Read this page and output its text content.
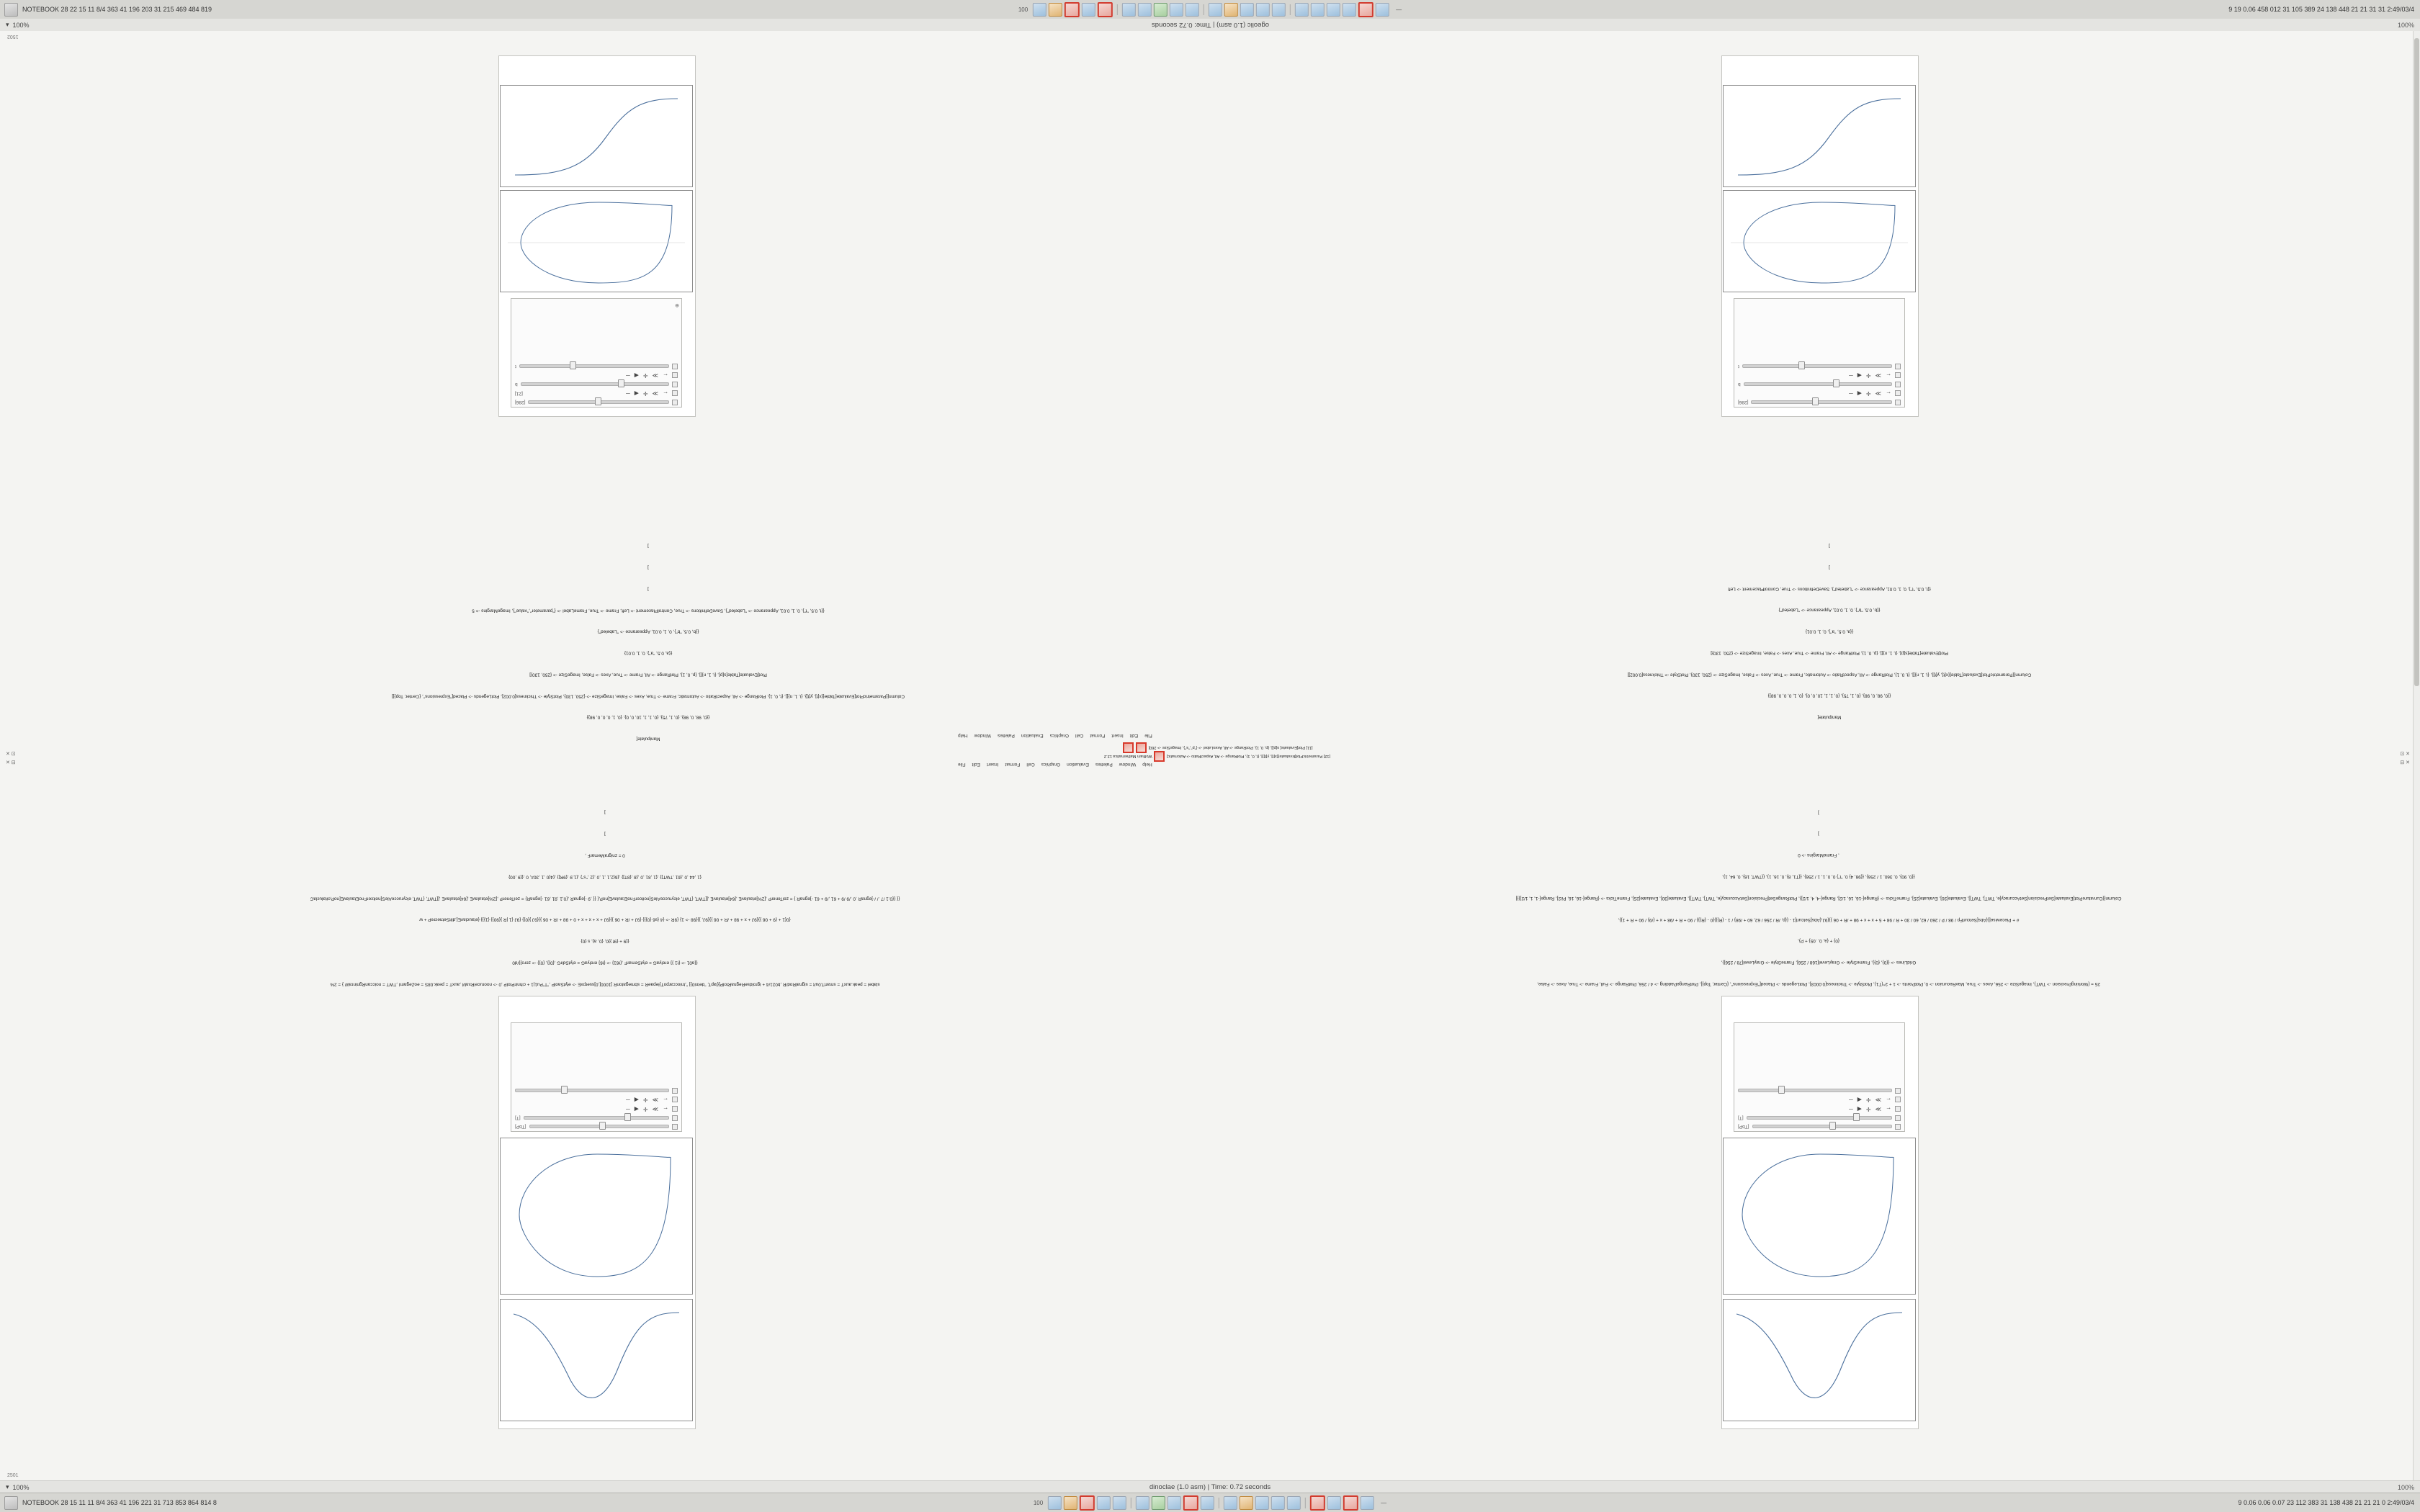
NOTEBOOK 28 22 15 11 8/4 363 41 196 203 31 215 469 484 819	100	—	9 19 0.06 458 012 31 105 389 24 138 448 21 21 31 31 2:49/03/4
▾ 100%	ogeolic (1.0 asm) | Time: 0.72 seconds	100%
[286]
←
≫
✛
◀
─
[21]
b
←
≫
✛
◀
─
t
⊕

Manipulate[

{{0, 98, 0, 98}, {0, 1, 75}, {0, 1, 1, 10, 0, 0}, {0, 1, 0, 0, 0, 98}}

Column[{ParametricPlot[Evaluate[Table[{x[t], y[t]}, {i, 1, n}]], {t, 0, 1}, PlotRange -> All, AspectRatio -> Automatic, Frame -> True, Axes -> False, ImageSize -> {250, 130}, PlotStyle -> Thickness[0.002], PlotLegends -> Placed["Expressions", {Center, Top}]]

Plot[Evaluate[Table[s[p], {i, 1, n}]], {p, 0, 1}, PlotRange -> All, Frame -> True, Axes -> False, ImageSize -> {250, 130}]

{{a, 0.5, "a"}, 0, 1, 0.01}

{{b, 0.5, "b"}, 0, 1, 0.01, Appearance -> "Labeled"}

{{t, 0.5, "t"}, 0, 1, 0.01, Appearance -> "Labeled"}, SaveDefinitions -> True, ControlPlacement -> Left, Frame -> True, FrameLabel -> {"parameter","value"}, ImageMargins -> 5

]

]

]

[286]
←
≫
✛
◀
─
b
←
≫
✛
◀
─
t

Manipulate[

{{0, 98, 0, 98}, {0, 1, 75}, {0, 1, 1, 10, 0, 0}, {0, 1, 0, 0, 0, 98}}

Column[{ParametricPlot[Evaluate[Table[{x[t], y[t]}, {i, 1, n}]], {t, 0, 1}, PlotRange -> All, AspectRatio -> Automatic, Frame -> True, Axes -> False, ImageSize -> {250, 130}, PlotStyle -> Thickness[0.002]]

Plot[Evaluate[Table[s[p], {i, 1, n}]], {p, 0, 1}, PlotRange -> All, Frame -> True, Axes -> False, ImageSize -> {250, 130}]

{{a, 0.5, "a"}, 0, 1, 0.01}

{{b, 0.5, "b"}, 0, 1, 0.01, Appearance -> "Labeled"}

{{t, 0.5, "t"}, 0, 1, 0.01, Appearance -> "Labeled"}, SaveDefinitions -> True, ControlPlacement -> Left

]

]

File
Edit
Insert
Format
Cell
Graphics
Evaluation
Palettes
Window
Help
[11] Plot[Evaluate[ s[p]], {p, 0, 1}, PlotRange -> All, AxesLabel -> {"p","s"}, ImageSize -> 260]
[12] ParametricPlot[Evaluate[{x[t], y[t]}], {t, 0, 1}, PlotRange -> All, AspectRatio -> Automatic]  Wolfram Mathematica 12.2
Help
Window
Palettes
Evaluation
Graphics
Cell
Format
Insert
Edit
File
✕ ⊡
✕ ⊟
⊡ ✕
⊟ ✕

slabel = peak.auxT = smartT.0u/t = signalRod/R ,b021/4 + igroldseRegnaRtolP[{lapT, "detni0}] ",tnioccarpoT}lepaeR = sbmegatonR ]1000[,0]sserpxE -> elytSaolP ,"T"Pu1|1 + cihnirPtolP ,0 -> noorucelRxaM ,auxT = peak.08S = eoZegamI ,TWT = noiccanRgninraW } = 2%

{{a01 -> {t1 }} erelyaG = elytSemarF ,{t61} -> {t6} erelyaG = elytSdirG ,{0}}, {0}} -> zero}}/d0

{{9 + {9f }}0, {0, a}, s {0}

{0{1 + (9 + 06 }}{9J + x + 98 + /R + 06 }}{9J, }}{98 -> 1} {9R -> {4 {s6 {0}}} {9J + /R + 06 }}{9J + x + x + x + 0 + 98 + /R + 06 }}{9J }{0}} {9J {1 |R }{90}} {1}}} {etauclavE[,dlitSetnecreP + w

{{ {{0.1 /7 ./ /-]egnaR ,0 ,/9 /9 + 61 ,/9 + 61 -]egnaR } = zeiTenerP ,[2%]etaulavE ,[64]etaulavE ,[[TWT, {TWT, elcyrucceAleS[noitcerFnoEtaulavE[noP,{ {{ ,9 -]egnaR ,{0,1 ,91 ,61 -]egnaR} = zeiTenerP ,[2%]etaulavE ,[64]etaulavE ,[[TWT, {TWT, elcyrucceAleS[noitcerFnoEtaulavE[noP,oitaluclaC

{1 ,44 ,0 ,{61 ,TWT]} ,{1 ,81 ,0 ,{8 ,{8T]} ,{6{2,1 ,1 ,0 ,{2 ,"s"} ,{1,9 ,{9R]} ,{4{0 ,1 ,30#, 0 ,{{9 ,00}

0 = znigraMemarF ,

]

]

[TbP]
[T]
←
≫
✛
◀
─
←
≫
✛
◀
─

25 = {WorkingPrecision -> TWT}, ImageSize -> 256, Axes -> True, MaxRecursion -> 0, PlotPoints -> 1 + 2^(T1), PlotStyle -> Thickness[0.0003], PlotLegends -> Placed["Expressions", {Center, Top}], PlotRangePadding -> 4 / 256, PlotRange -> Full, Frame -> True, Axes -> False,

GridLines -> {{0}, {0}}, FrameStyle -> GrayLevel[168 / 256], FrameStyle -> GrayLevel[78 / 256]},

{0} + {a, 0, .05} + P},

# + Piecewise[{{Abs[SetcurlFp / 98 / P / 260 / 62, 60 / 30 + R / 98 + 5 + x + x + 98 + /R + 06 }}{9J,{Abs[Setcurl[1 - {{p, /R / 256 / 62, 60 + /98} / 1 - {R}}}{0 - {R}}} / 90 + R + /98 + x + {/9} / 90 + R + 1}},

Column[{CurvaturePlot[Evaluate[SetPrecision[SetAccuracy[e, TWT], TWT]], Evaluate[30], Evaluate[25], FrameTicks -> {Range[-16, 16, 1/2], Range[-4, 4, 1/2]}, PlotRangeSet[Precision[SetAccuracy[e, TWT], TWT]], Evaluate[30], Evaluate[25], FrameTicks -> {Range[-16, 16, Pi/2], Range[-1, 1, 1/2]}}]

{{0, 90}, 0, 360, 1 / 256}, {{98, 4} 0, "t"} 0, 0, 1, 1 / 256}, {{T1, 8}, 0, 16, 1}, {{TWT, 16}, 0, 64, 1},

, FrameMargins -> 0

]

]

[TbP]
[T]
←
≫
✛
◀
─
←
≫
✛
◀
─
1502
2501
▾ 100%	dinoclae (1.0 asm) | Time: 0.72 seconds	100%
NOTEBOOK 28 15 11 11 8/4 363 41 196 221 31 713 853 864 814 8	100	—	9 0.06 0.06 0.07 23 112 383 31 138 438 21 21 21 0 2:49/03/4
